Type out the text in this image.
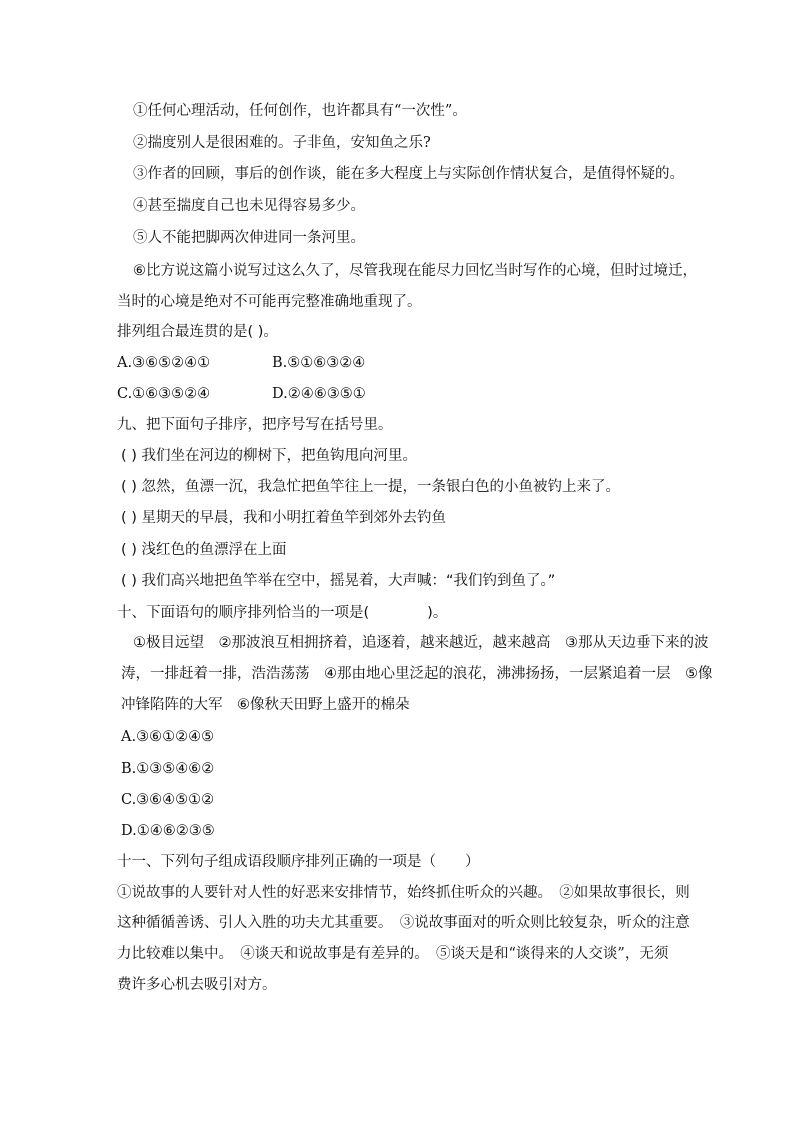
①任何心理活动，任何创作，也许都具有“一次性”。
②揣度别人是很困难的。子非鱼，安知鱼之乐?
③作者的回顾，事后的创作谈，能在多大程度上与实际创作情状复合，是值得怀疑的。
④甚至揣度自己也未见得容易多少。
⑤人不能把脚两次伸进同一条河里。
⑥比方说这篇小说写过这么久了，尽管我现在能尽力回忆当时写作的心境，但时过境迁，
当时的心境是绝对不可能再完整准确地重现了。
排列组合最连贯的是( )。
A.③⑥⑤②④①	B.⑤①⑥③②④
C.①⑥③⑤②④	D.②④⑥③⑤①
九、把下面句子排序，把序号写在括号里。
( ) 我们坐在河边的柳树下，把鱼钩甩向河里。
( ) 忽然，鱼漂一沉，我急忙把鱼竿往上一提，一条银白色的小鱼被钓上来了。
( ) 星期天的早晨，我和小明扛着鱼竿到郊外去钓鱼
( ) 浅红色的鱼漂浮在上面
( ) 我们高兴地把鱼竿举在空中，摇晃着，大声喊：“我们钓到鱼了。”
十、下面语句的顺序排列恰当的一项是(　　　　)。
①极目远望　②那波浪互相拥挤着，追逐着，越来越近，越来越高　③那从天边垂下来的波
涛，一排赶着一排，浩浩荡荡　④那由地心里泛起的浪花，沸沸扬扬，一层紧追着一层　⑤像
冲锋陷阵的大军　⑥像秋天田野上盛开的棉朵
A.③⑥①②④⑤
B.①③⑤④⑥②
C.③⑥④⑤①②
D.①④⑥②③⑤
十一、下列句子组成语段顺序排列正确的一项是（　　）
①说故事的人要针对人性的好恶来安排情节，始终抓住听众的兴趣。　②如果故事很长，则
这种循循善诱、引人入胜的功夫尤其重要。　③说故事面对的听众则比较复杂，听众的注意
力比较难以集中。　④谈天和说故事是有差异的。　⑤谈天是和“谈得来的人交谈”，无须
费许多心机去吸引对方。
